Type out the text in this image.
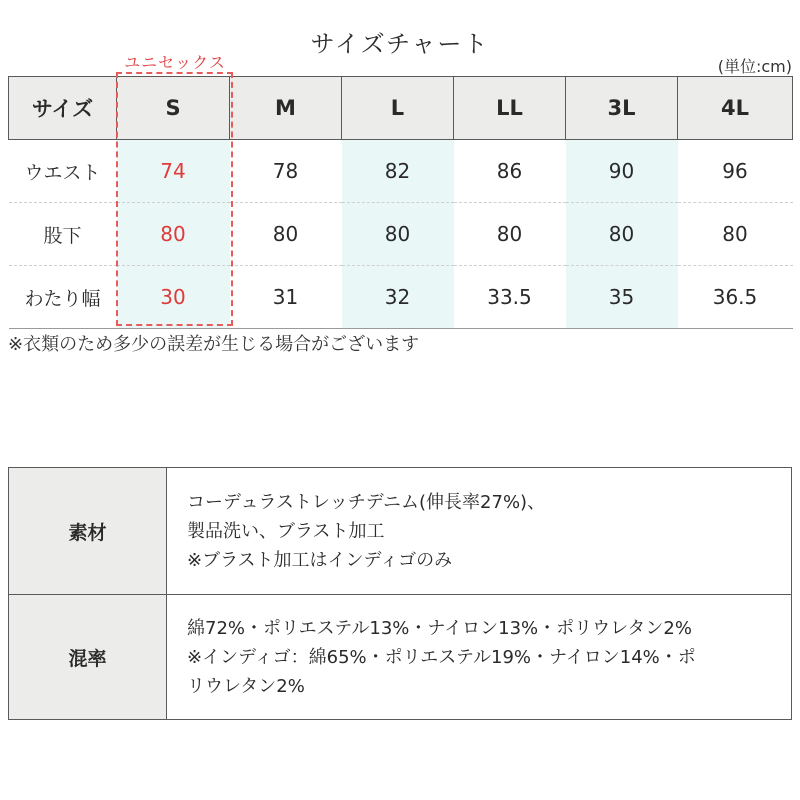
サイズチャート
ユニセックス	(単位:cm)
サイズ	S	M	L	LL	3L	4L
ウエスト	74	78	82	86	90	96
股下	80	80	80	80	80	80
わたり幅	30	31	32	33.5	35	36.5
※衣類のため多少の誤差が生じる場合がございます
素材	コーデュラストレッチデニム(伸長率27%)、
製品洗い、ブラスト加工
※ブラスト加工はインディゴのみ

混率	綿72%・ポリエステル13%・ナイロン13%・ポリウレタン2%
※インディゴ：綿65%・ポリエステル19%・ナイロン14%・ポ
リウレタン2%
